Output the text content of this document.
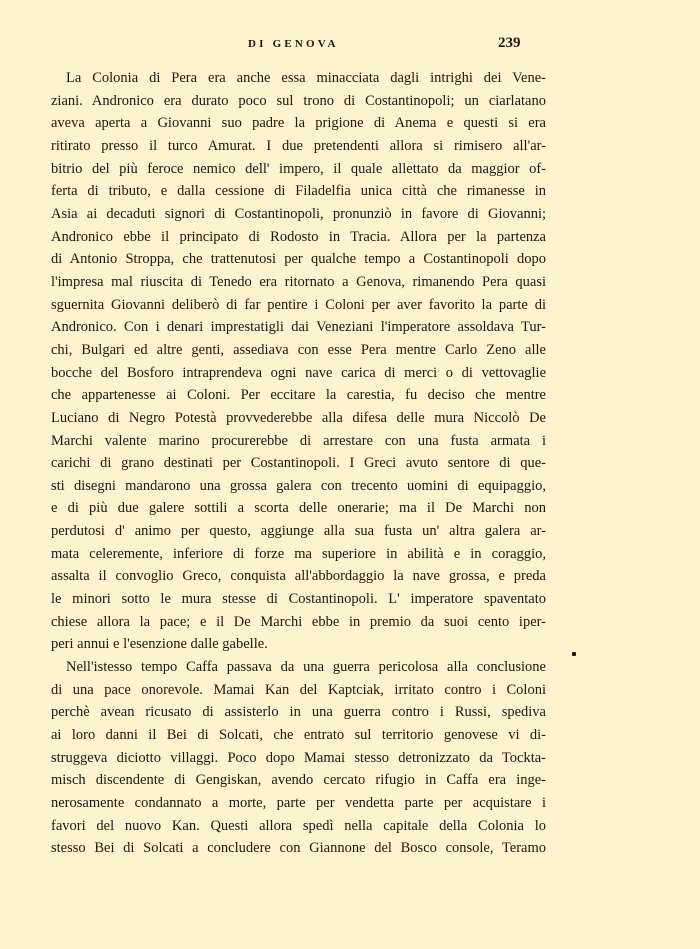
DI GENOVA	239
La Colonia di Pera era anche essa minacciata dagli intrighi dei Vene-
ziani. Andronico era durato poco sul trono di Costantinopoli; un ciarlatano
aveva aperta a Giovanni suo padre la prigione di Anema e questi si era
ritirato presso il turco Amurat. I due pretendenti allora si rimisero all'ar-
bitrio del più feroce nemico dell' impero, il quale allettato da maggior of-
ferta di tributo, e dalla cessione di Filadelfia unica città che rimanesse in
Asia ai decaduti signori di Costantinopoli, pronunziò in favore di Giovanni;
Andronico ebbe il principato di Rodosto in Tracia. Allora per la partenza
di Antonio Stroppa, che trattenutosi per qualche tempo a Costantinopoli dopo
l'impresa mal riuscita di Tenedo era ritornato a Genova, rimanendo Pera quasi
sguernita Giovanni deliberò di far pentire i Coloni per aver favorito la parte di
Andronico. Con i denari imprestatigli dai Veneziani l'imperatore assoldava Tur-
chi, Bulgari ed altre genti, assediava con esse Pera mentre Carlo Zeno alle
bocche del Bosforo intraprendeva ogni nave carica di merci o di vettovaglie
che appartenesse ai Coloni. Per eccitare la carestia, fu deciso che mentre
Luciano di Negro Potestà provvederebbe alla difesa delle mura Niccolò De
Marchi valente marino procurerebbe di arrestare con una fusta armata i
carichi di grano destinati per Costantinopoli. I Greci avuto sentore di que-
sti disegni mandarono una grossa galera con trecento uomini di equipaggio,
e di più due galere sottili a scorta delle onerarie; ma il De Marchi non
perdutosi d' animo per questo, aggiunge alla sua fusta un' altra galera ar-
mata celeremente, inferiore di forze ma superiore in abilità e in coraggio,
assalta il convoglio Greco, conquista all'abbordaggio la nave grossa, e preda
le minori sotto le mura stesse di Costantinopoli. L' imperatore spaventato
chiese allora la pace; e il De Marchi ebbe in premio da suoi cento iper-
peri annui e l'esenzione dalle gabelle.
Nell'istesso tempo Caffa passava da una guerra pericolosa alla conclusione
di una pace onorevole. Mamai Kan del Kaptciak, irritato contro i Coloni
perchè avean ricusato di assisterlo in una guerra contro i Russi, spediva
ai loro danni il Bei di Solcati, che entrato sul territorio genovese vi di-
struggeva diciotto villaggi. Poco dopo Mamai stesso detronizzato da Tockta-
misch discendente di Gengiskan, avendo cercato rifugio in Caffa era inge-
nerosamente condannato a morte, parte per vendetta parte per acquistare i
favori del nuovo Kan. Questi allora spedì nella capitale della Colonia lo
stesso Bei di Solcati a concludere con Giannone del Bosco console, Teramo
